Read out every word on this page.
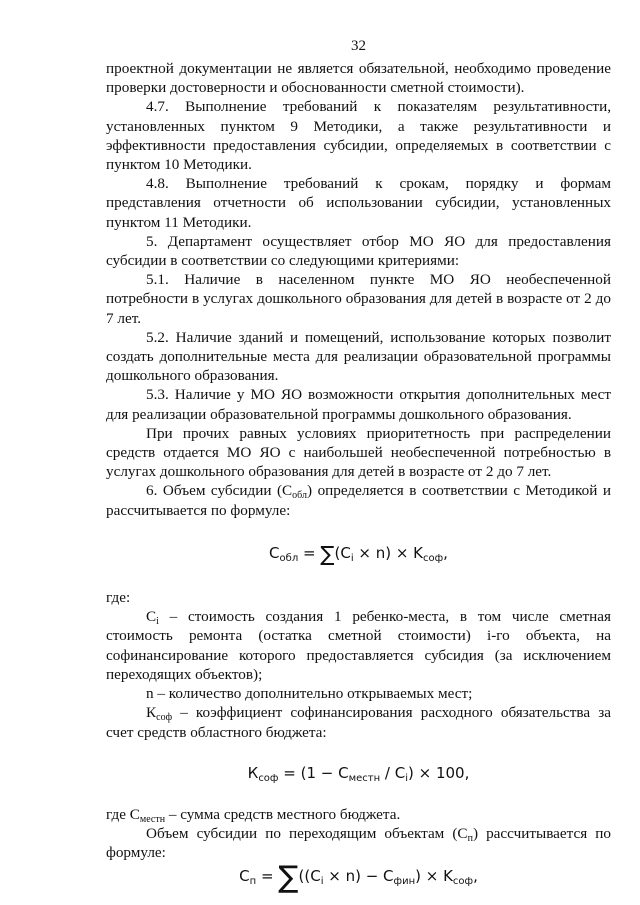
32

проектной документации не является обязательной, необходимо проведение проверки достоверности и обоснованности сметной стоимости).

4.7. Выполнение требований к показателям результативности, установленных пунктом 9 Методики, а также результативности и эффективности предоставления субсидии, определяемых в соответствии с пунктом 10 Методики.

4.8. Выполнение требований к срокам, порядку и формам представления отчетности об использовании субсидии, установленных пунктом 11 Методики.

5. Департамент осуществляет отбор МО ЯО для предоставления субсидии в соответствии со следующими критериями:

5.1. Наличие в населенном пункте МО ЯО необеспеченной потребности в услугах дошкольного образования для детей в возрасте от 2 до 7 лет.

5.2. Наличие зданий и помещений, использование которых позволит создать дополнительные места для реализации образовательной программы дошкольного образования.

5.3. Наличие у МО ЯО возможности открытия дополнительных мест для реализации образовательной программы дошкольного образования.

При прочих равных условиях приоритетность при распределении средств отдается МО ЯО с наибольшей необеспеченной потребностью в услугах дошкольного образования для детей в возрасте от 2 до 7 лет.

6. Объем субсидии $(С_{обл})$ определяется в соответствии с Методикой и рассчитывается по формуле:

$С_{обл} = \sum(С_i \times n) \times K_{соф}$,

где:

$С_i$ – стоимость создания 1 ребенко-места, в том числе сметная стоимость ремонта (остатка сметной стоимости) i-го объекта, на софинансирование которого предоставляется субсидия (за исключением переходящих объектов);

n – количество дополнительно открываемых мест;

$К_{соф}$ – коэффициент софинансирования расходного обязательства за счет средств областного бюджета:

$К_{соф} = (1 - С_{местн} / С_i) \times 100$,

где $С_{местн}$ – сумма средств местного бюджета.

Объем субсидии по переходящим объектам $(С_п)$ рассчитывается по формуле:

$С_п = \sum((С_i \times n) - С_{фин}) \times K_{соф}$,
